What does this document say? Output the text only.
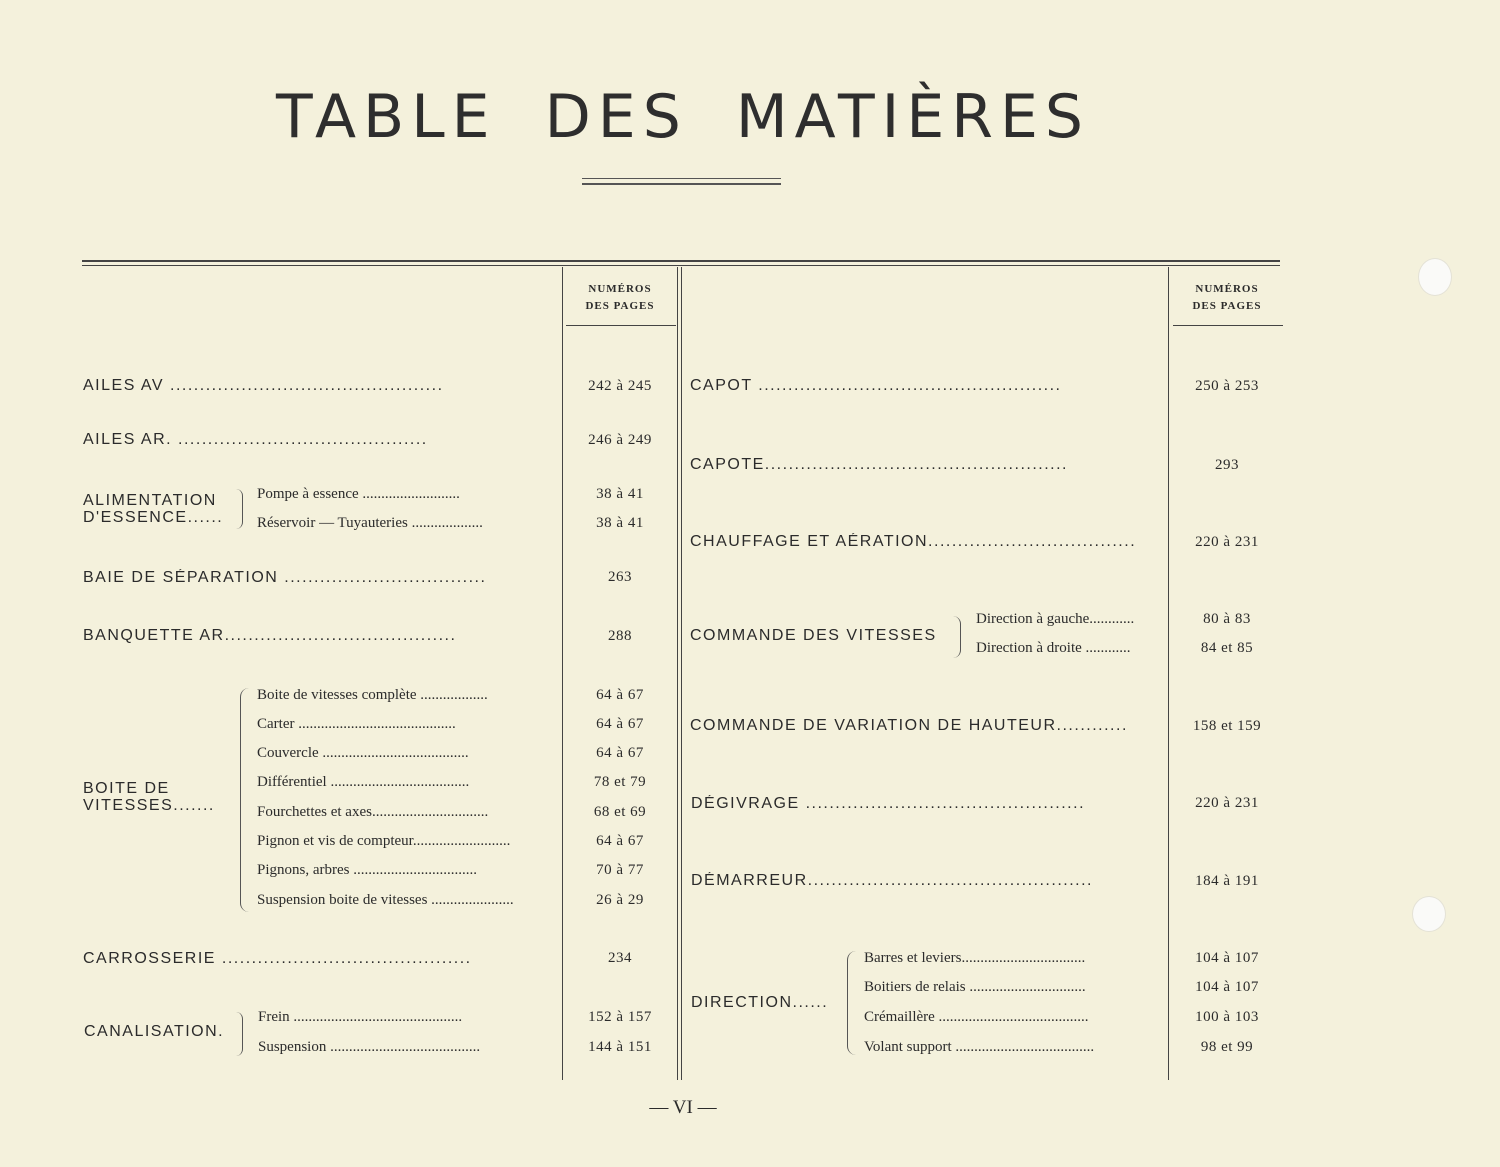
TABLE DES MATIÈRES
NUMÉROS
DES PAGES
NUMÉROS
DES PAGES
AILES AV ..............................................	242 à 245
AILES AR. ..........................................	246 à 249
ALIMENTATION
D'ESSENCE......
Pompe à essence ..........................	38 à 41
Réservoir — Tuyauteries ...................	38 à 41
BAIE DE SÉPARATION ..................................	263
BANQUETTE AR.......................................	288
BOITE DE
VITESSES.......
Boite de vitesses complète ..................	64 à 67
Carter ..........................................	64 à 67
Couvercle .......................................	64 à 67
Différentiel .....................................	78 et 79
Fourchettes et axes...............................	68 et 69
Pignon et vis de compteur..........................	64 à 67
Pignons, arbres .................................	70 à 77
Suspension boite de vitesses ......................	26 à 29
CARROSSERIE ..........................................	234
CANALISATION.
Frein .............................................	152 à 157
Suspension ........................................	144 à 151
CAPOT ...................................................	250 à 253
CAPOTE...................................................	293
CHAUFFAGE ET AÉRATION...................................	220 à 231
COMMANDE DES VITESSES
Direction à gauche............	80 à 83
Direction à droite ............	84 et 85
COMMANDE DE VARIATION DE HAUTEUR............	158 et 159
DÉGIVRAGE ...............................................	220 à 231
DÉMARREUR................................................	184 à 191
DIRECTION......
Barres et leviers.................................	104 à 107
Boitiers de relais ...............................	104 à 107
Crémaillère ........................................	100 à 103
Volant support .....................................	98 et 99
— VI —
